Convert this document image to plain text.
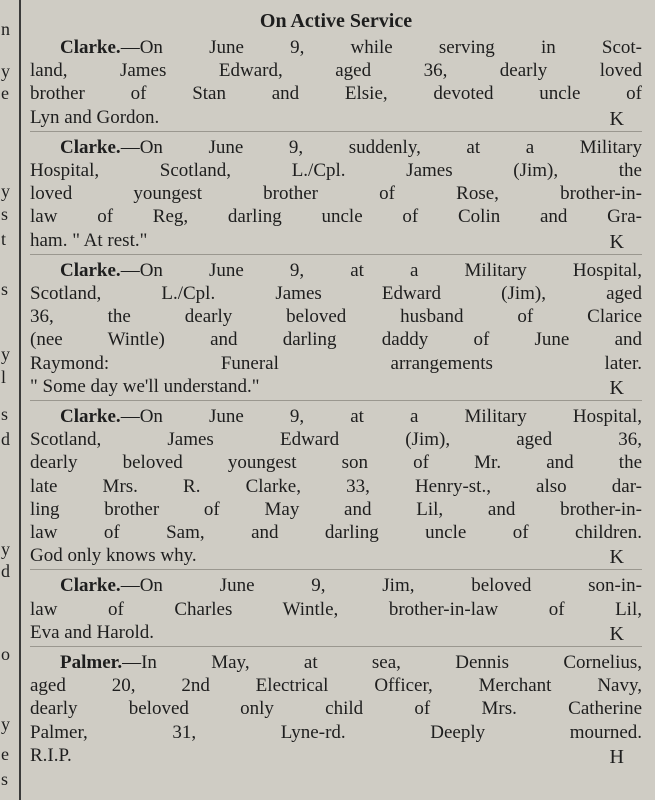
n
y
e
y
s
t
s
y
l
s
d
y
d
o
y
e
s
On Active Service
Clarke.—On June 9, while serving in Scot-
land, James Edward, aged 36, dearly loved
brother of Stan and Elsie, devoted uncle of
Lyn and Gordon.	K
Clarke.—On June 9, suddenly, at a Military
Hospital, Scotland, L./Cpl. James (Jim), the
loved youngest brother of Rose, brother-in-
law of Reg, darling uncle of Colin and Gra-
ham. " At rest."	K
Clarke.—On June 9, at a Military Hospital,
Scotland, L./Cpl. James Edward (Jim), aged
36, the dearly beloved husband of Clarice
(nee Wintle) and darling daddy of June and
Raymond: Funeral arrangements later.
" Some day we'll understand."	K
Clarke.—On June 9, at a Military Hospital,
Scotland, James Edward (Jim), aged 36,
dearly beloved youngest son of Mr. and the
late Mrs. R. Clarke, 33, Henry-st., also dar-
ling brother of May and Lil, and brother-in-
law of Sam, and darling uncle of children.
God only knows why.	K
Clarke.—On June 9, Jim, beloved son-in-
law of Charles Wintle, brother-in-law of Lil,
Eva and Harold.	K
Palmer.—In May, at sea, Dennis Cornelius,
aged 20, 2nd Electrical Officer, Merchant Navy,
dearly beloved only child of Mrs. Catherine
Palmer, 31, Lyne-rd. Deeply mourned.
R.I.P.	H
